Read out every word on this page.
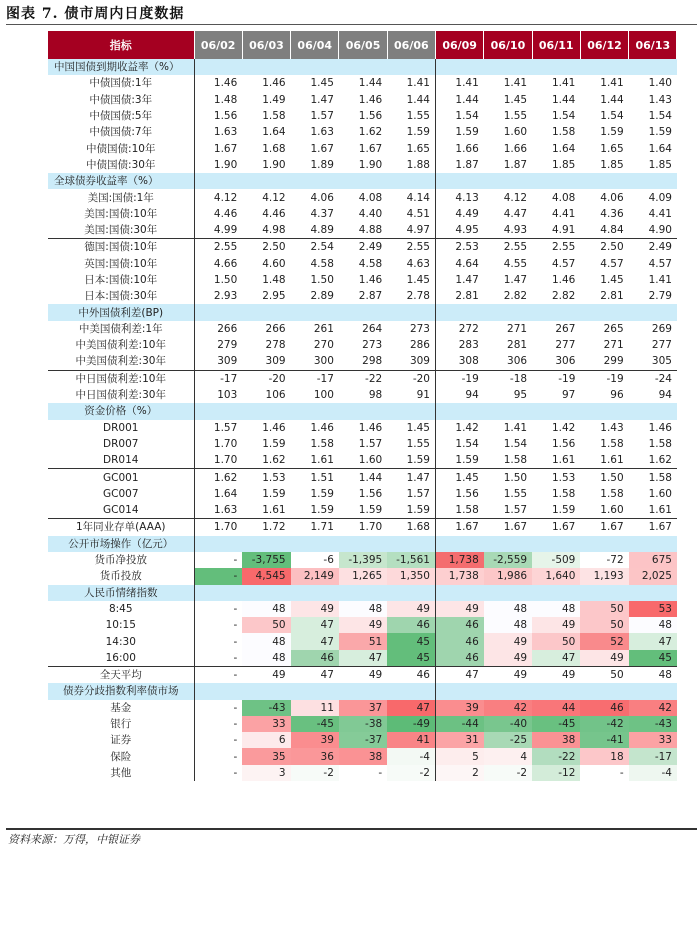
图表 7. 债市周内日度数据
指标	06/02	06/03	06/04	06/05	06/06	06/09	06/10	06/11	06/12	06/13
中国国债到期收益率（%）										
中债国债:1年	1.46	1.46	1.45	1.44	1.41	1.41	1.41	1.41	1.41	1.40
中债国债:3年	1.48	1.49	1.47	1.46	1.44	1.44	1.45	1.44	1.44	1.43
中债国债:5年	1.56	1.58	1.57	1.56	1.55	1.54	1.55	1.54	1.54	1.54
中债国债:7年	1.63	1.64	1.63	1.62	1.59	1.59	1.60	1.58	1.59	1.59
中债国债:10年	1.67	1.68	1.67	1.67	1.65	1.66	1.66	1.64	1.65	1.64
中债国债:30年	1.90	1.90	1.89	1.90	1.88	1.87	1.87	1.85	1.85	1.85
全球债券收益率（%）										
美国:国债:1年	4.12	4.12	4.06	4.08	4.14	4.13	4.12	4.08	4.06	4.09
美国:国债:10年	4.46	4.46	4.37	4.40	4.51	4.49	4.47	4.41	4.36	4.41
美国:国债:30年	4.99	4.98	4.89	4.88	4.97	4.95	4.93	4.91	4.84	4.90
德国:国债:10年	2.55	2.50	2.54	2.49	2.55	2.53	2.55	2.55	2.50	2.49
英国:国债:10年	4.66	4.60	4.58	4.58	4.63	4.64	4.55	4.57	4.57	4.57
日本:国债:10年	1.50	1.48	1.50	1.46	1.45	1.47	1.47	1.46	1.45	1.41
日本:国债:30年	2.93	2.95	2.89	2.87	2.78	2.81	2.82	2.82	2.81	2.79
中外国债利差(BP)										
中美国债利差:1年	266	266	261	264	273	272	271	267	265	269
中美国债利差:10年	279	278	270	273	286	283	281	277	271	277
中美国债利差:30年	309	309	300	298	309	308	306	306	299	305
中日国债利差:10年	-17	-20	-17	-22	-20	-19	-18	-19	-19	-24
中日国债利差:30年	103	106	100	98	91	94	95	97	96	94
资金价格（%）										
DR001	1.57	1.46	1.46	1.46	1.45	1.42	1.41	1.42	1.43	1.46
DR007	1.70	1.59	1.58	1.57	1.55	1.54	1.54	1.56	1.58	1.58
DR014	1.70	1.62	1.61	1.60	1.59	1.59	1.58	1.61	1.61	1.62
GC001	1.62	1.53	1.51	1.44	1.47	1.45	1.50	1.53	1.50	1.58
GC007	1.64	1.59	1.59	1.56	1.57	1.56	1.55	1.58	1.58	1.60
GC014	1.63	1.61	1.59	1.59	1.59	1.58	1.57	1.59	1.60	1.61
1年同业存单(AAA)	1.70	1.72	1.71	1.70	1.68	1.67	1.67	1.67	1.67	1.67
公开市场操作（亿元）										
货币净投放	-	-3,755	-6	-1,395	-1,561	1,738	-2,559	-509	-72	675
货币投放	-	4,545	2,149	1,265	1,350	1,738	1,986	1,640	1,193	2,025
人民币情绪指数										
8:45	-	48	49	48	49	49	48	48	50	53
10:15	-	50	47	49	46	46	48	49	50	48
14:30	-	48	47	51	45	46	49	50	52	47
16:00	-	48	46	47	45	46	49	47	49	45
全天平均	-	49	47	49	46	47	49	49	50	48
债券分歧指数利率债市场										
基金	-	-43	11	37	47	39	42	44	46	42
银行	-	33	-45	-38	-49	-44	-40	-45	-42	-43
证券	-	6	39	-37	41	31	-25	38	-41	33
保险	-	35	36	38	-4	5	4	-22	18	-17
其他	-	3	-2	-	-2	2	-2	-12	-	-4
资料来源：万得，中银证券
